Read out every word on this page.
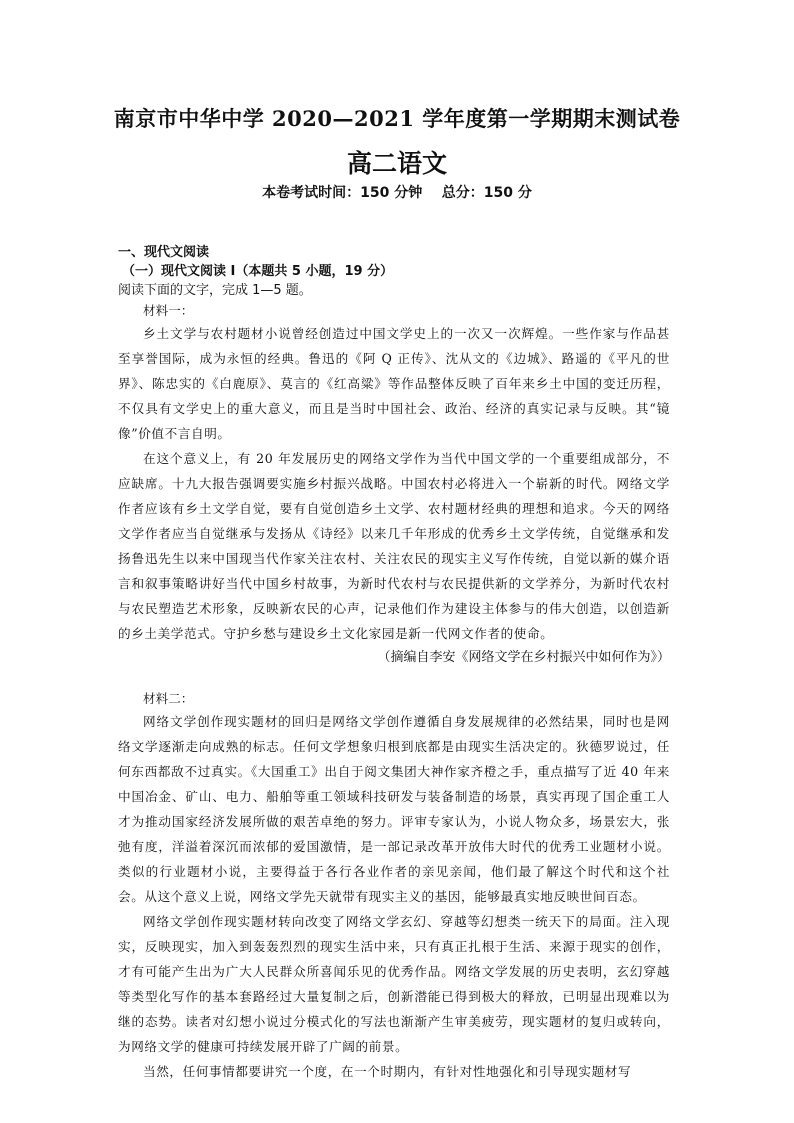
南京市中华中学 2020—2021 学年度第一学期期末测试卷
高二语文
本卷考试时间：150 分钟    总分：150 分

一、现代文阅读

（一）现代文阅读 I（本题共 5 小题，19 分）

阅读下面的文字，完成 1—5 题。

材料一：

乡土文学与农村题材小说曾经创造过中国文学史上的一次又一次辉煌。一些作家与作品甚至享誉国际，成为永恒的经典。鲁迅的《阿 Q 正传》、沈从文的《边城》、路遥的《平凡的世界》、陈忠实的《白鹿原》、莫言的《红高粱》等作品整体反映了百年来乡土中国的变迁历程，不仅具有文学史上的重大意义，而且是当时中国社会、政治、经济的真实记录与反映。其“镜像”价值不言自明。

在这个意义上，有 20 年发展历史的网络文学作为当代中国文学的一个重要组成部分，不应缺席。十九大报告强调要实施乡村振兴战略。中国农村必将进入一个崭新的时代。网络文学作者应该有乡土文学自觉，要有自觉创造乡土文学、农村题材经典的理想和追求。今天的网络文学作者应当自觉继承与发扬从《诗经》以来几千年形成的优秀乡土文学传统，自觉继承和发扬鲁迅先生以来中国现当代作家关注农村、关注农民的现实主义写作传统，自觉以新的媒介语言和叙事策略讲好当代中国乡村故事，为新时代农村与农民提供新的文学养分，为新时代农村与农民塑造艺术形象，反映新农民的心声，记录他们作为建设主体参与的伟大创造，以创造新的乡土美学范式。守护乡愁与建设乡土文化家园是新一代网文作者的使命。

（摘编自李安《网络文学在乡村振兴中如何作为》）

材料二：

网络文学创作现实题材的回归是网络文学创作遵循自身发展规律的必然结果，同时也是网络文学逐渐走向成熟的标志。任何文学想象归根到底都是由现实生活决定的。狄德罗说过，任何东西都敌不过真实。《大国重工》出自于阅文集团大神作家齐橙之手，重点描写了近 40 年来中国冶金、矿山、电力、船舶等重工领域科技研发与装备制造的场景，真实再现了国企重工人才为推动国家经济发展所做的艰苦卓绝的努力。评审专家认为，小说人物众多，场景宏大，张弛有度，洋溢着深沉而浓郁的爱国激情，是一部记录改革开放伟大时代的优秀工业题材小说。类似的行业题材小说，主要得益于各行各业作者的亲见亲闻，他们最了解这个时代和这个社会。从这个意义上说，网络文学先天就带有现实主义的基因，能够最真实地反映世间百态。

网络文学创作现实题材转向改变了网络文学玄幻、穿越等幻想类一统天下的局面。注入现实，反映现实，加入到轰轰烈烈的现实生活中来，只有真正扎根于生活、来源于现实的创作，才有可能产生出为广大人民群众所喜闻乐见的优秀作品。网络文学发展的历史表明，玄幻穿越等类型化写作的基本套路经过大量复制之后，创新潜能已得到极大的释放，已明显出现难以为继的态势。读者对幻想小说过分模式化的写法也渐渐产生审美疲劳，现实题材的复归或转向，为网络文学的健康可持续发展开辟了广阔的前景。

当然，任何事情都要讲究一个度，在一个时期内，有针对性地强化和引导现实题材写
